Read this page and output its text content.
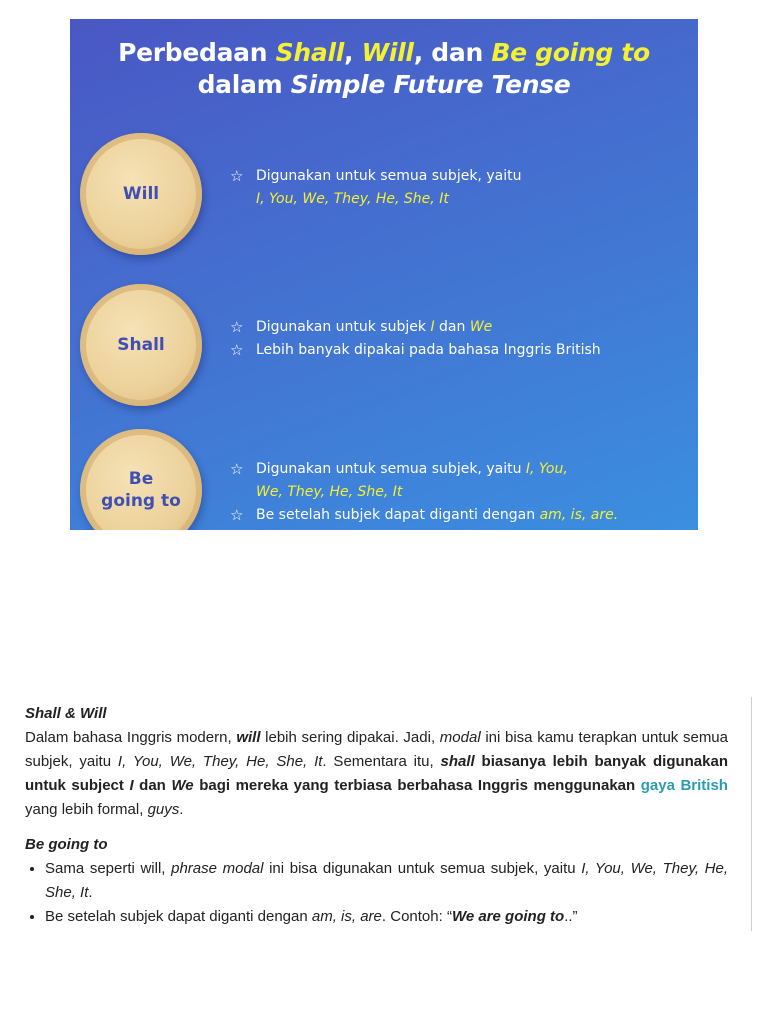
Perbedaan Shall, Will, dan Be going to
dalam Simple Future Tense
Will
☆ Digunakan untuk semua subjek, yaitu
I, You, We, They, He, She, It
Shall
☆ Digunakan untuk subjek I dan We
☆ Lebih banyak dipakai pada bahasa Inggris British
Be
going to
☆ Digunakan untuk semua subjek, yaitu I, You,
We, They, He, She, It
☆ Be setelah subjek dapat diganti dengan am, is, are.
Shall & Will

Dalam bahasa Inggris modern, will lebih sering dipakai. Jadi, modal ini bisa kamu terapkan untuk semua subjek, yaitu I, You, We, They, He, She, It. Sementara itu, shall biasanya lebih banyak digunakan untuk subject I dan We bagi mereka yang terbiasa berbahasa Inggris menggunakan gaya British yang lebih formal, guys.

Be going to
• Sama seperti will, phrase modal ini bisa digunakan untuk semua subjek, yaitu I, You, We, They, He, She, It.
• Be setelah subjek dapat diganti dengan am, is, are. Contoh: “We are going to..”
